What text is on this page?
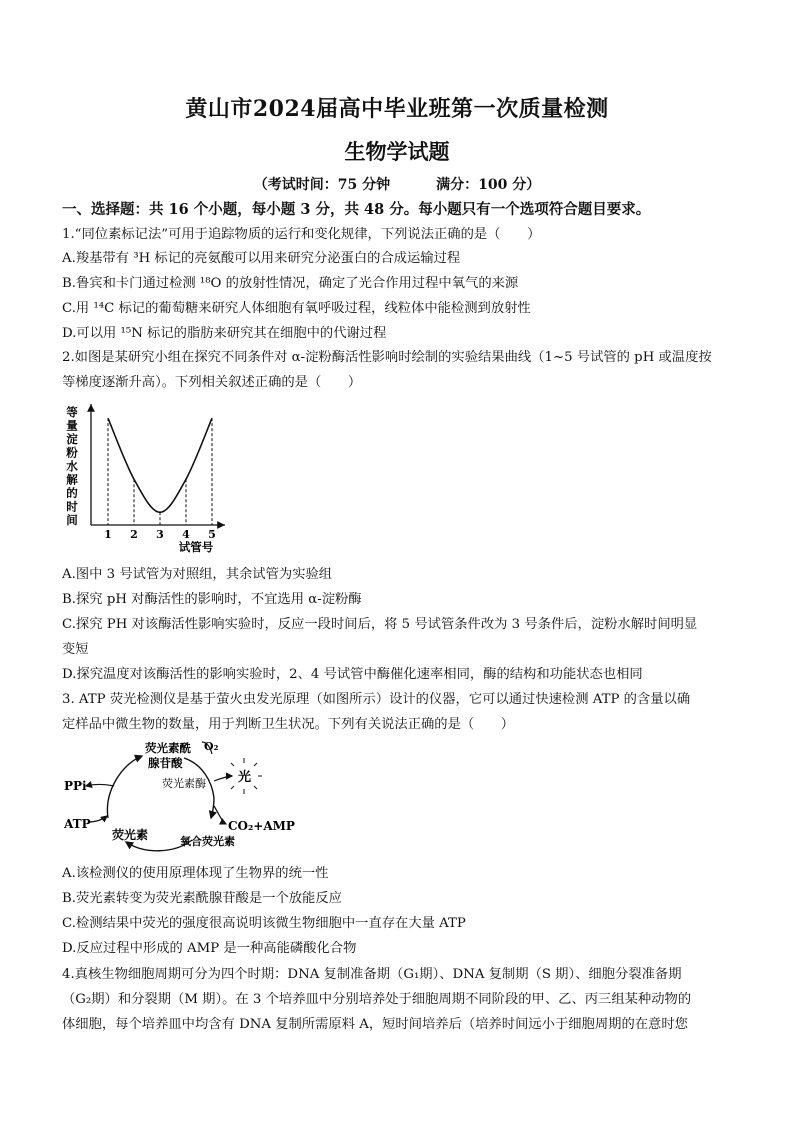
黄山市2024届高中毕业班第一次质量检测
生物学试题
（考试时间：75 分钟	满分：100 分）
一、选择题：共 16 个小题，每小题 3 分，共 48 分。每小题只有一个选项符合题目要求。
1.“同位素标记法”可用于追踪物质的运行和变化规律，下列说法正确的是（　　）
A.羧基带有 ³H 标记的亮氨酸可以用来研究分泌蛋白的合成运输过程
B.鲁宾和卡门通过检测 ¹⁸O 的放射性情况，确定了光合作用过程中氧气的来源
C.用 ¹⁴C 标记的葡萄糖来研究人体细胞有氧呼吸过程，线粒体中能检测到放射性
D.可以用 ¹⁵N 标记的脂肪来研究其在细胞中的代谢过程
2.如图是某研究小组在探究不同条件对 α-淀粉酶活性影响时绘制的实验结果曲线（1~5 号试管的 pH 或温度按
等梯度逐渐升高）。下列相关叙述正确的是（　　）
等
量
淀
粉
水
解
的
时
间
1 2 3 4 5
试管号
A.图中 3 号试管为对照组，其余试管为实验组
B.探究 pH 对酶活性的影响时，不宜选用 α-淀粉酶
C.探究 PH 对该酶活性影响实验时，反应一段时间后，将 5 号试管条件改为 3 号条件后，淀粉水解时间明显
变短
D.探究温度对该酶活性的影响实验时，2、4 号试管中酶催化速率相同，酶的结构和功能状态也相同
3. ATP 荧光检测仪是基于萤火虫发光原理（如图所示）设计的仪器，它可以通过快速检测 ATP 的含量以确
定样品中微生物的数量，用于判断卫生状况。下列有关说法正确的是（　　）
荧光素酰
腺苷酸
O₂
荧光素酶 光
PPi
ATP
荧光素
CO₂+AMP
氧合荧光素
A.该检测仪的使用原理体现了生物界的统一性
B.荧光素转变为荧光素酰腺苷酸是一个放能反应
C.检测结果中荧光的强度很高说明该微生物细胞中一直存在大量 ATP
D.反应过程中形成的 AMP 是一种高能磷酸化合物
4.真核生物细胞周期可分为四个时期：DNA 复制准备期（G₁期）、DNA 复制期（S 期）、细胞分裂准备期
（G₂期）和分裂期（M 期）。在 3 个培养皿中分别培养处于细胞周期不同阶段的甲、乙、丙三组某种动物的
体细胞，每个培养皿中均含有 DNA 复制所需原料 A，短时间培养后（培养时间远小于细胞周期的在意时您
